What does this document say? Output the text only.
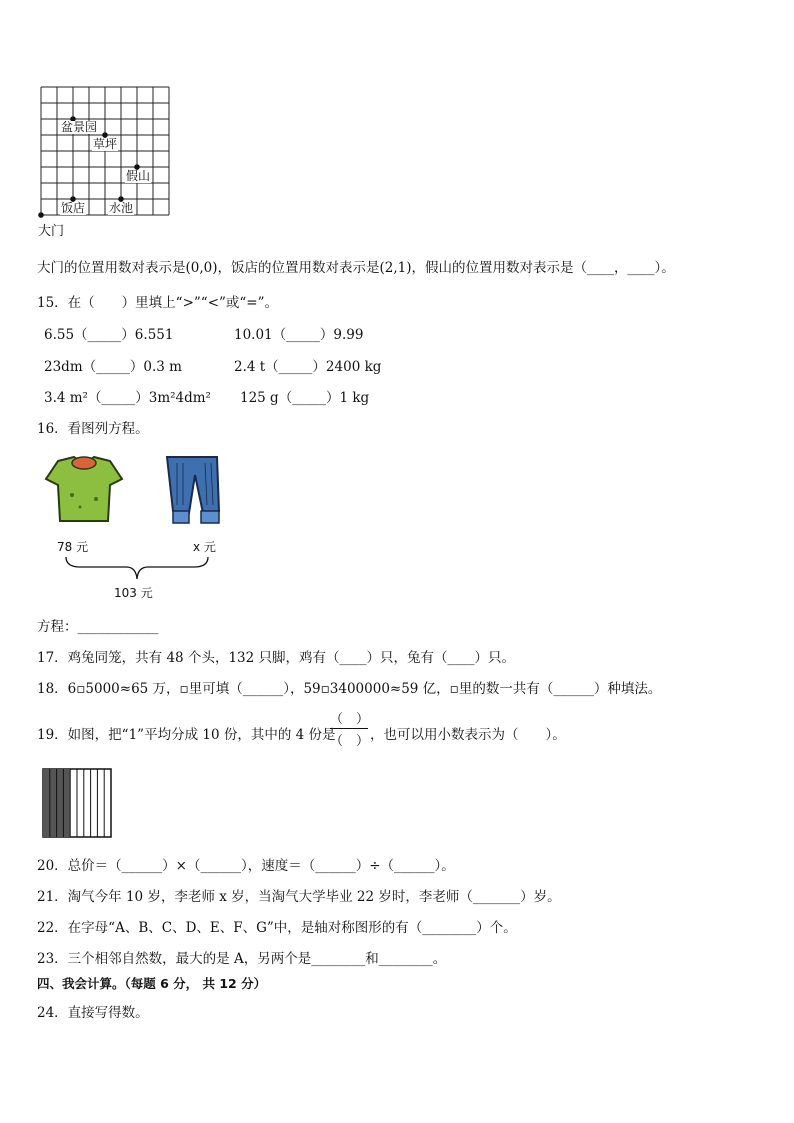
盆景园
草坪
假山
饭店 水池
大门
大门的位置用数对表示是(0,0)，饭店的位置用数对表示是(2,1)，假山的位置用数对表示是（____，____）。
15．在（　　）里填上“>”“<”或“=”。
6.55（_____）6.551	10.01（_____）9.99
23dm（_____）0.3 m	2.4 t（_____）2400 kg
3.4 m²（_____）3m²4dm² 125 g（_____）1 kg
16．看图列方程。
78 元	x 元
103 元
方程：____________
17．鸡兔同笼，共有 48 个头，132 只脚，鸡有（____）只，兔有（____）只。
18．6▫5000≈65 万，▫里可填（______），59▫3400000≈59 亿，▫里的数一共有（______）种填法。
19．如图，把“1”平均分成 10 份，其中的 4 份是
（　）
（　） ，也可以用小数表示为（　　）。
20．总价＝（______）×（______），速度＝（______）÷（______）。
21．淘气今年 10 岁，李老师 x 岁，当淘气大学毕业 22 岁时，李老师（_______）岁。
22．在字母“A、B、C、D、E、F、G”中，是轴对称图形的有（________）个。
23．三个相邻自然数，最大的是 A，另两个是________和________。
四、我会计算。（每题 6 分， 共 12 分）
24．直接写得数。
